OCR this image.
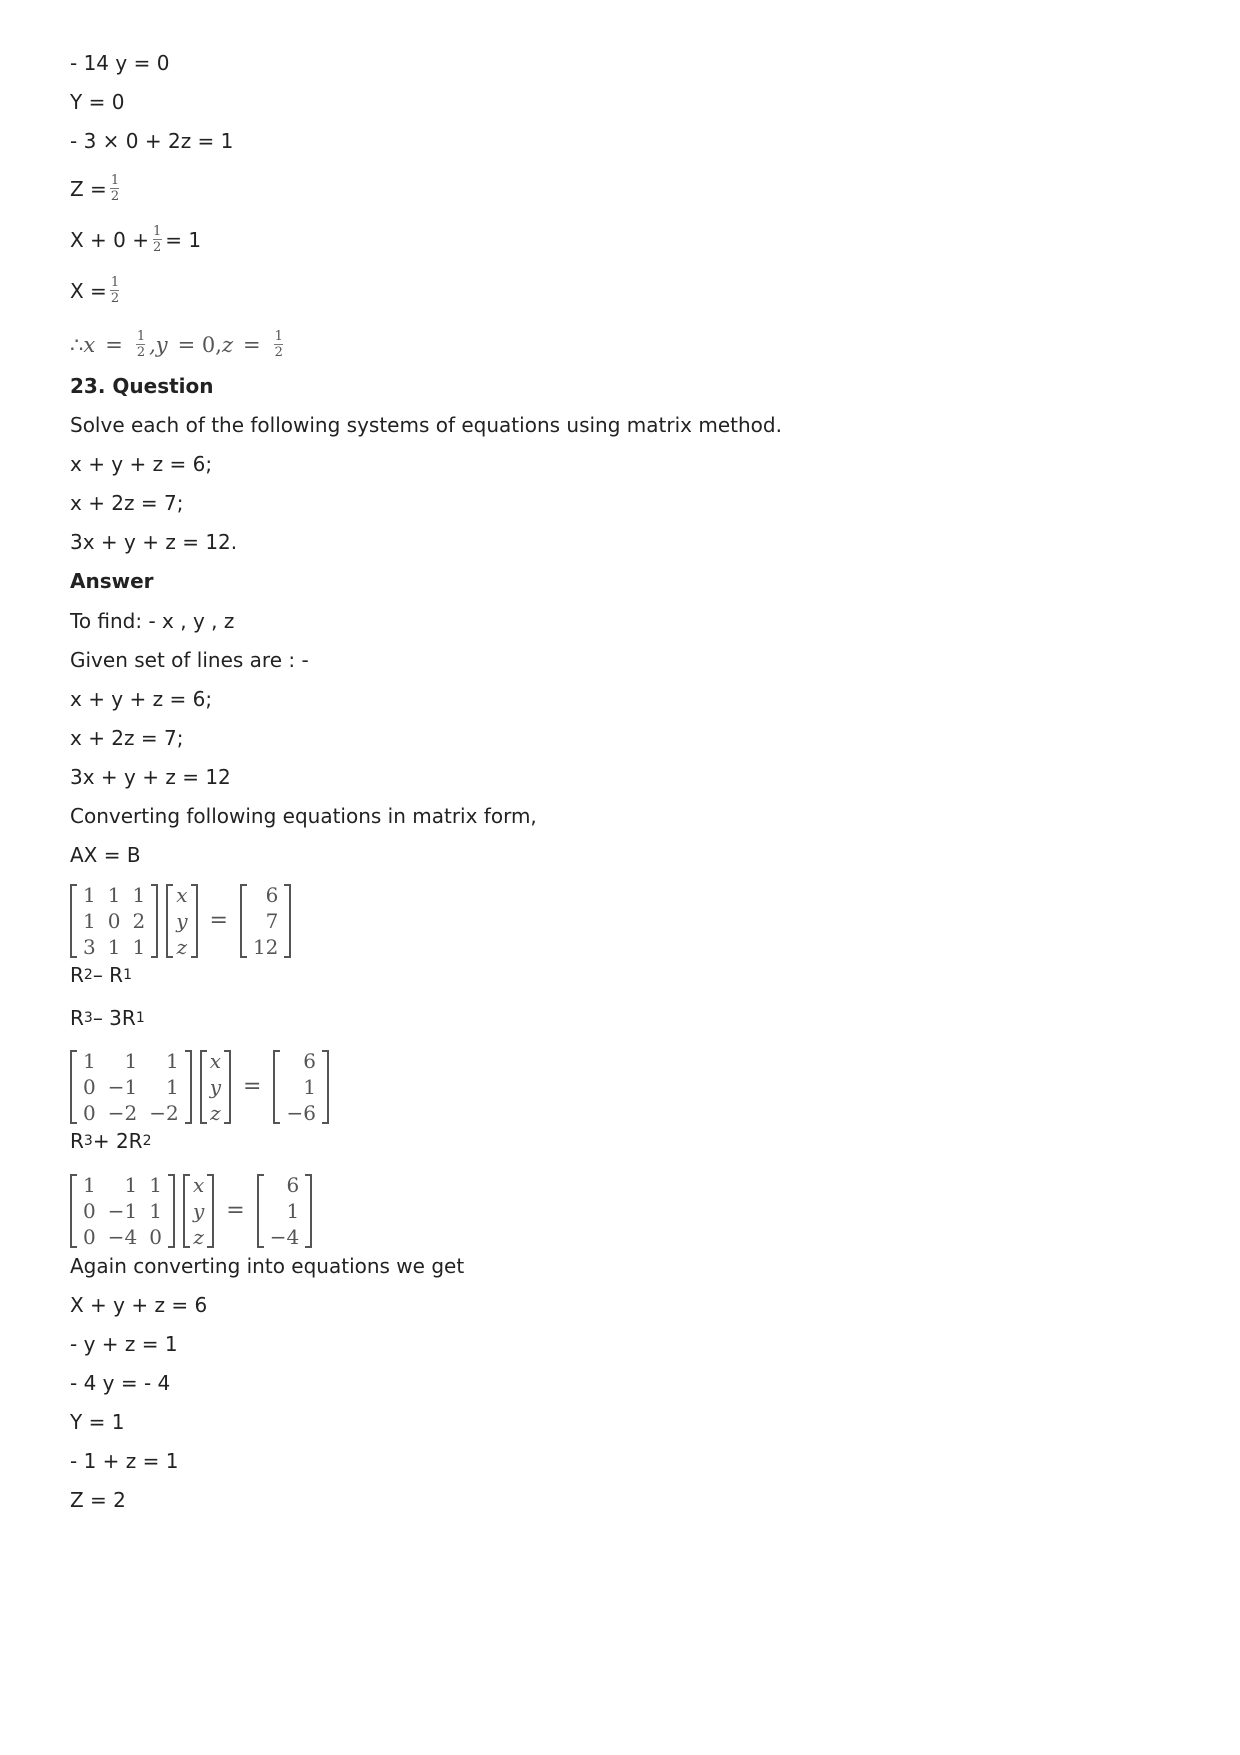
- 14 y = 0
Y = 0
- 3 × 0 + 2z = 1
$Z = \frac{1}{2}$
$X + 0 + \frac{1}{2} = 1$
$X = \frac{1}{2}$
∴ $x = \frac{1}{2} ,y = 0$, $z = \frac{1}{2}$
23. Question
Solve each of the following systems of equations using matrix method.
x + y + z = 6;
x + 2z = 7;
3x + y + z = 12.
Answer
To find: - x , y , z
Given set of lines are : -
x + y + z = 6;
x + 2z = 7;
3x + y + z = 12
Converting following equations in matrix form,
AX = B
1 1 1
1 0 2
3 1 1
x
y
z
=
6
7
12
R 2 – R 1
R 3 – 3R 1
1	1	1
0 −1	1
0 −2 −2
x
y
z
=
6
1
−6
R 3 + 2R 2
1	1 1
0 −1 1
0 −4 0
x
y
z
=
6
1
−4
Again converting into equations we get
X + y + z = 6
- y + z = 1
- 4 y = - 4
Y = 1
- 1 + z = 1
Z = 2
